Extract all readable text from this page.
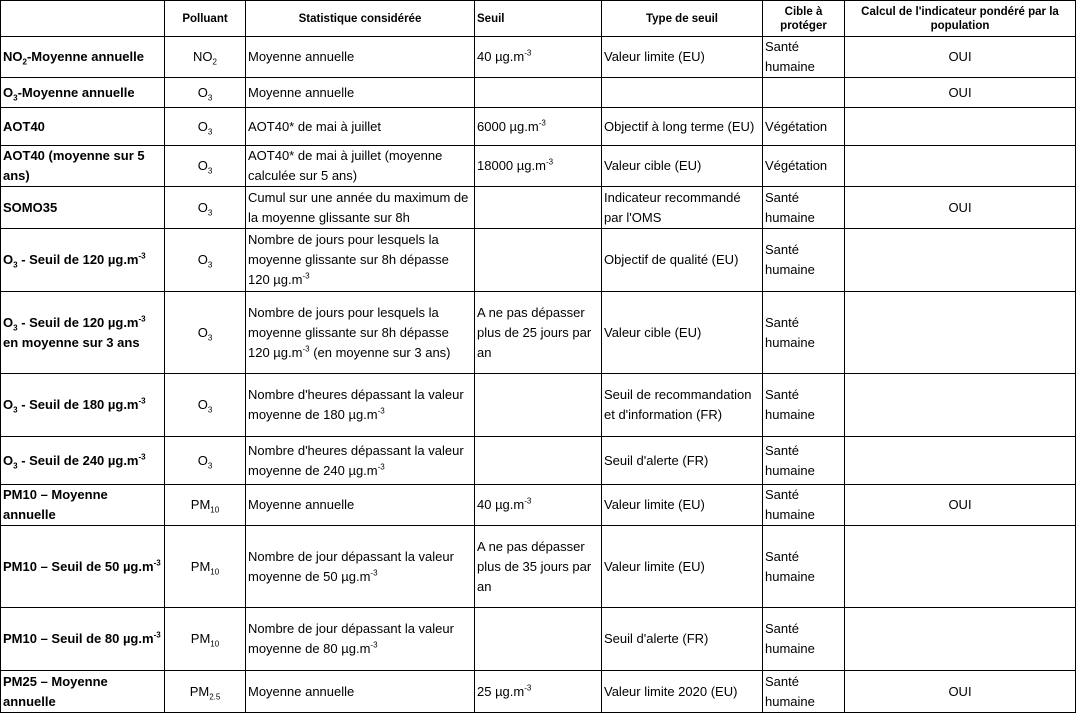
	Polluant	Statistique considérée	Seuil	Type de seuil	Cible à protéger	Calcul de l'indicateur pondéré par la population
$NO_2$-Moyenne annuelle	$NO_2$	Moyenne annuelle	40 $\mu g.m^{-3}$	Valeur limite (EU)	Santé humaine	OUI
$O_3$-Moyenne annuelle	$O_3$	Moyenne annuelle				OUI
AOT40	$O_3$	AOT40* de mai à juillet	6000 $\mu g.m^{-3}$	Objectif à long terme (EU)	Végétation	
AOT40 (moyenne sur 5 ans)	$O_3$	AOT40* de mai à juillet (moyenne calculée sur 5 ans)	18000 $\mu g.m^{-3}$	Valeur cible (EU)	Végétation	
SOMO35	$O_3$	Cumul sur une année du maximum de la moyenne glissante sur 8h		Indicateur recommandé par l'OMS	Santé humaine	OUI
$O_3$ - Seuil de 120 $\mu g.m^{-3}$	$O_3$	Nombre de jours pour lesquels la moyenne glissante sur 8h dépasse 120 $\mu g.m^{-3}$		Objectif de qualité (EU)	Santé humaine	
$O_3$ - Seuil de 120 $\mu g.m^{-3}$ en moyenne sur 3 ans	$O_3$	Nombre de jours pour lesquels la moyenne glissante sur 8h dépasse 120 $\mu g.m^{-3}$ (en moyenne sur 3 ans)	A ne pas dépasser plus de 25 jours par an	Valeur cible (EU)	Santé humaine	
$O_3$ - Seuil de 180 $\mu g.m^{-3}$	$O_3$	Nombre d'heures dépassant la valeur moyenne de 180 $\mu g.m^{-3}$		Seuil de recommandation et d'information (FR)	Santé humaine	
$O_3$ - Seuil de 240 $\mu g.m^{-3}$	$O_3$	Nombre d'heures dépassant la valeur moyenne de 240 $\mu g.m^{-3}$		Seuil d'alerte (FR)	Santé humaine	
PM10 – Moyenne annuelle	$PM_{10}$	Moyenne annuelle	40 $\mu g.m^{-3}$	Valeur limite (EU)	Santé humaine	OUI
PM10 – Seuil de 50 $\mu g.m^{-3}$	$PM_{10}$	Nombre de jour dépassant la valeur moyenne de 50 $\mu g.m^{-3}$	A ne pas dépasser plus de 35 jours par an	Valeur limite (EU)	Santé humaine	
PM10 – Seuil de 80 $\mu g.m^{-3}$	$PM_{10}$	Nombre de jour dépassant la valeur moyenne de 80 $\mu g.m^{-3}$		Seuil d'alerte (FR)	Santé humaine	
PM25 – Moyenne annuelle	$PM_{2.5}$	Moyenne annuelle	25 $\mu g.m^{-3}$	Valeur limite 2020 (EU)	Santé humaine	OUI
